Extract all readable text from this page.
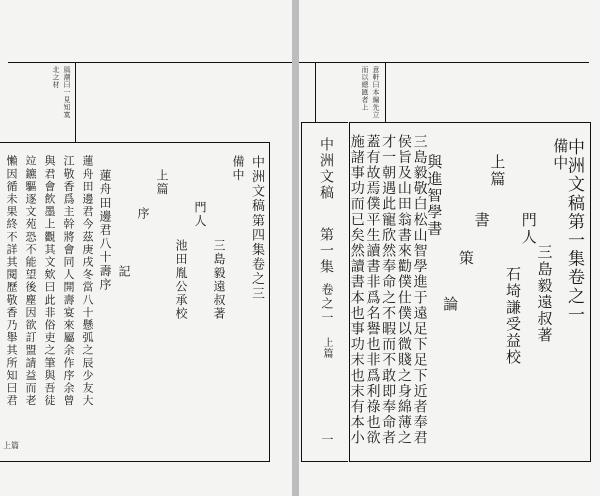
風潮曰一見知寞
北之材

中洲文稿第四集卷之三
備中
三島毅遠叔著
門人
池田胤公承校
上篇
序
記
蓮舟田邊君八十壽序
蓮舟田邊君今茲庚戌冬當八十懸弧之辰少友大
江敬香爲主幹將會同人開壽宴來屬余作序余曾
與君會飲墨上觀其文欸曰此非俗吏之筆與吾徒
竝鑣驅逐文苑恐不能望後塵因欲訂盟請益而老
懶因循未果終不詳其閱歷敬香乃舉其所知曰君
上篇
意軒曰本編先立
而以總匯者上
中洲文稿
第一集
卷之一
上篇
一
中洲文稿第一集卷之一
備中
三島毅遠叔著
門人
石埼謙受益校
上篇
書
策
論
與進智學書
三島毅敬白松山智學進于遠足下足下近者奉君
侯旨及山田翁書來勸僕仕僕以微賤之身綿薄之
才一朝遇此寵欣然奉命之不暇而不敢即奉命者
蓋有故焉僕平生讀書非爲名譽也非爲利祿也欲
施諸事功而已矣然讀書本也事功末也末有本小
